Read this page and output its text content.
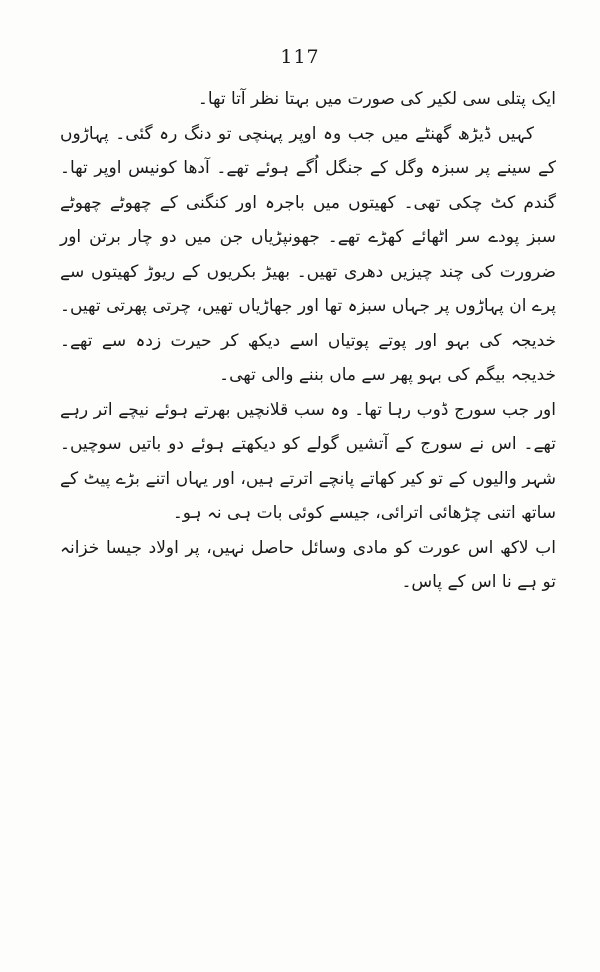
117

ایک پتلی سی لکیر کی صورت میں بہتا نظر آتا تھا۔

کہیں ڈیڑھ گھنٹے میں جب وہ اوپر پہنچی تو دنگ رہ گئی۔ پہاڑوں کے سینے پر سبزہ وگل کے جنگل اُگے ہوئے تھے۔ آدھا کونیس اوپر تھا۔ گندم کٹ چکی تھی۔ کھیتوں میں باجرہ اور کنگنی کے چھوٹے چھوٹے سبز پودے سر اٹھائے کھڑے تھے۔ جھونپڑیاں جن میں دو چار برتن اور ضرورت کی چند چیزیں دھری تھیں۔ بھیڑ بکریوں کے ریوڑ کھیتوں سے پرے ان پہاڑوں پر جہاں سبزہ تھا اور جھاڑیاں تھیں، چرتی پھرتی تھیں۔ خدیجہ کی بہو اور پوتے پوتیاں اسے دیکھ کر حیرت زدہ سے تھے۔ خدیجہ بیگم کی بہو پھر سے ماں بننے والی تھی۔

اور جب سورج ڈوب رہا تھا۔ وہ سب قلانچیں بھرتے ہوئے نیچے اتر رہے تھے۔ اس نے سورج کے آتشیں گولے کو دیکھتے ہوئے دو باتیں سوچیں۔ شہر والیوں کے تو کیر کھاتے پانچے اترتے ہیں، اور یہاں اتنے بڑے پیٹ کے ساتھ اتنی چڑھائی اترائی، جیسے کوئی بات ہی نہ ہو۔

اب لاکھ اس عورت کو مادی وسائل حاصل نہیں، پر اولاد جیسا خزانہ تو ہے نا اس کے پاس۔
